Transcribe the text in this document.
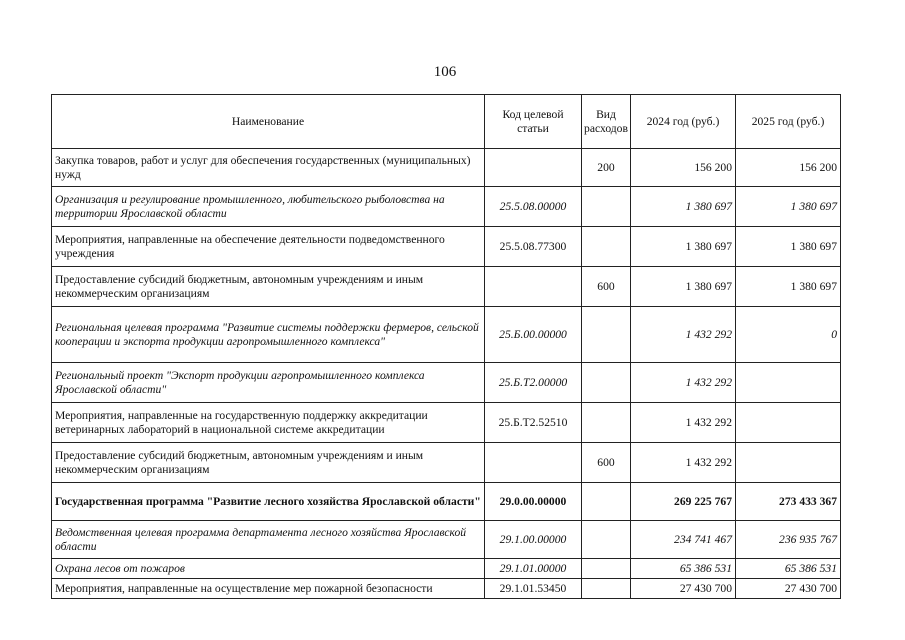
106
Наименование	Код целевой статьи	Вид расходов	2024 год (руб.)	2025 год (руб.)
Закупка товаров, работ и услуг для обеспечения государственных (муниципальных) нужд		200	156 200	156 200
Организация и регулирование промышленного, любительского рыболовства на территории Ярославской области	25.5.08.00000		1 380 697	1 380 697
Мероприятия, направленные на обеспечение деятельности подведомственного учреждения	25.5.08.77300		1 380 697	1 380 697
Предоставление субсидий бюджетным, автономным учреждениям и иным некоммерческим организациям		600	1 380 697	1 380 697
Региональная целевая программа "Развитие системы поддержки фермеров, сельской кооперации и экспорта продукции агропромышленного комплекса"	25.Б.00.00000		1 432 292	0
Региональный проект "Экспорт продукции агропромышленного комплекса Ярославской области"	25.Б.Т2.00000		1 432 292	
Мероприятия, направленные на государственную поддержку аккредитации ветеринарных лабораторий в национальной системе аккредитации	25.Б.Т2.52510		1 432 292	
Предоставление субсидий бюджетным, автономным учреждениям и иным некоммерческим организациям		600	1 432 292	
Государственная программа "Развитие лесного хозяйства Ярославской области"	29.0.00.00000		269 225 767	273 433 367
Ведомственная целевая программа департамента лесного хозяйства Ярославской области	29.1.00.00000		234 741 467	236 935 767
Охрана лесов от пожаров	29.1.01.00000		65 386 531	65 386 531
Мероприятия, направленные на осуществление мер пожарной безопасности	29.1.01.53450		27 430 700	27 430 700
